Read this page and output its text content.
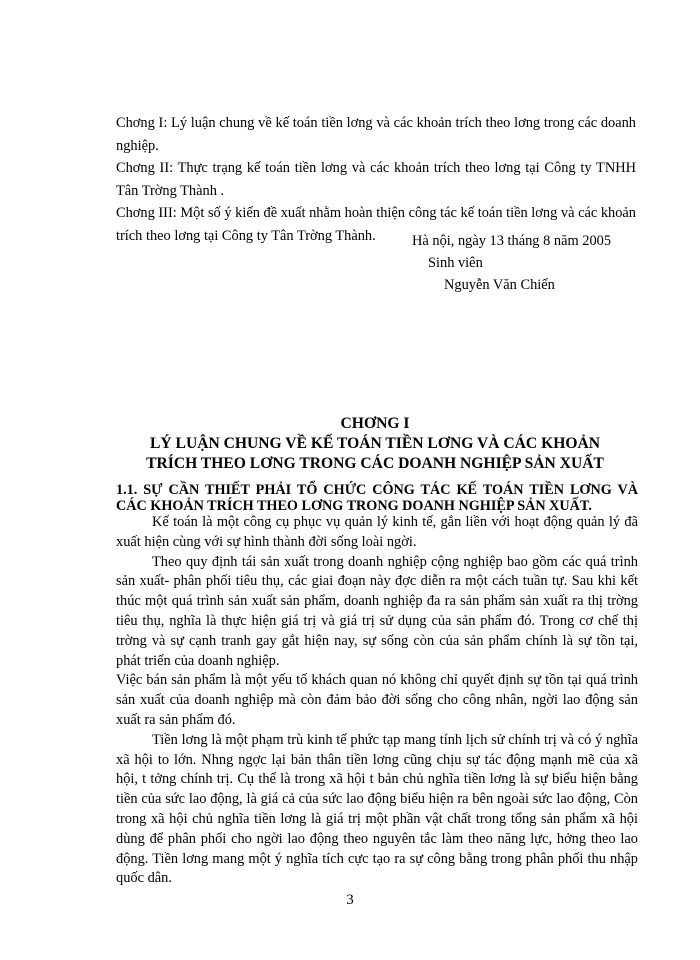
Chơng I: Lý luận chung về kế toán tiền lơng và các khoản trích theo lơng trong các doanh nghiệp.

Chơng II: Thực trạng kế toán tiền lơng và các khoản trích theo lơng tại Công ty TNHH Tân Trờng Thành .

Chơng III: Một số ý kiến đề xuất nhằm hoàn thiện công tác kế toán tiền lơng và các khoản trích theo lơng tại Công ty Tân Trờng Thành.	Hà nội, ngày 13 tháng 8 năm 2005
Sinh viên
Nguyễn Văn Chiến
CHƠNG I
LÝ LUẬN CHUNG VỀ KẾ TOÁN TIỀN LƠNG VÀ CÁC KHOẢN
TRÍCH THEO LƠNG TRONG CÁC DOANH NGHIỆP SẢN XUẤT
1.1. SỰ CẦN THIẾT PHẢI TỔ CHỨC CÔNG TÁC KẾ TOÁN TIỀN LƠNG VÀ CÁC KHOẢN TRÍCH THEO LƠNG TRONG DOANH NGHIỆP SẢN XUẤT.

Kế toán là một công cụ phục vụ quản lý kinh tế, gắn liền với hoạt động quản lý đã xuất hiện cùng với sự hình thành đời sống loài ngời.

Theo quy định tái sản xuất trong doanh nghiệp cộng nghiệp bao gồm các quá trình sản xuất- phân phối tiêu thụ, các giai đoạn này đợc diễn ra một cách tuần tự. Sau khi kết thúc một quá trình sản xuất sản phẩm, doanh nghiệp đa ra sản phẩm sản xuất ra thị trờng tiêu thụ, nghĩa là thực hiện giá trị và giá trị sử dụng của sản phẩm đó. Trong cơ chế thị trờng và sự cạnh tranh gay gắt hiện nay, sự sống còn của sản phẩm chính là sự tồn tại, phát triển của doanh nghiệp.

Việc bán sản phẩm là một yếu tố khách quan nó không chỉ quyết định sự tồn tại quá trình sản xuất của doanh nghiệp mà còn đảm bảo đời sống cho công nhân, ngời lao động sản xuất ra sản phẩm đó.

Tiền lơng là một phạm trù kinh tế phức tạp mang tính lịch sử chính trị và có ý nghĩa xã hội to lớn. Nhng ngợc lại bản thân tiền lơng cũng chịu sự tác động mạnh mẽ của xã hội, t tởng chính trị. Cụ thể là trong xã hội t bản chủ nghĩa tiền lơng là sự biểu hiện bằng tiền của sức lao động, là giá cả của sức lao động biểu hiện ra bên ngoài sức lao động, Còn trong xã hội chủ nghĩa tiền lơng là giá trị một phần vật chất trong tổng sản phẩm xã hội dùng để phân phối cho ngời lao động theo nguyên tắc làm theo năng lực, hởng theo lao động. Tiền lơng mang một ý nghĩa tích cực tạo ra sự công bằng trong phân phối thu nhập quốc dân.

3
